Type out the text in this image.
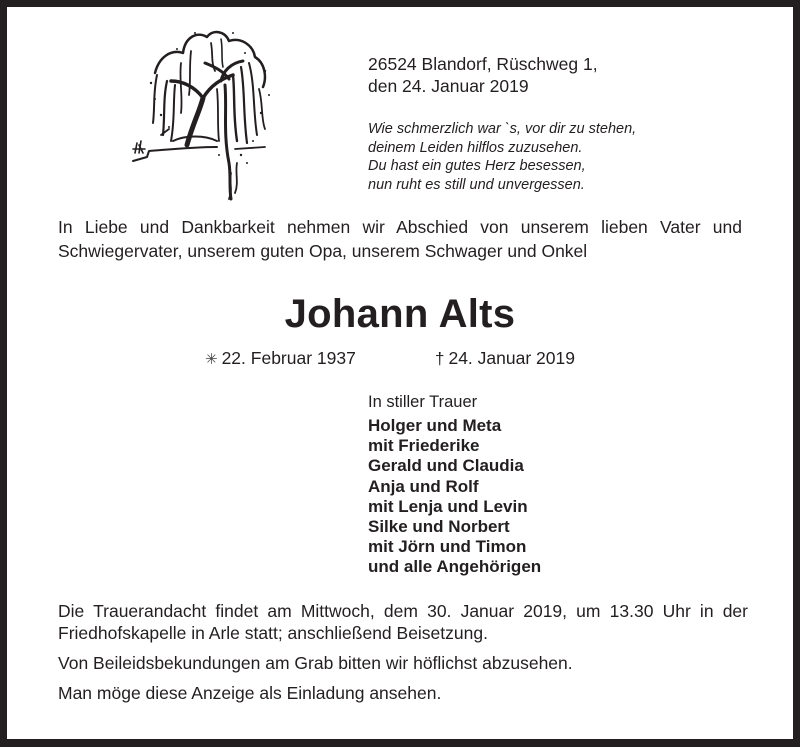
26524 Blandorf, Rüschweg 1,
den 24. Januar 2019
Wie schmerzlich war `s, vor dir zu stehen,
deinem Leiden hilflos zuzusehen.
Du hast ein gutes Herz besessen,
nun ruht es still und unvergessen.
In Liebe und Dankbarkeit nehmen wir Abschied von unserem lieben Vater und
Schwiegervater, unserem guten Opa, unserem Schwager und Onkel
Johann Alts
✳ 22. Februar 1937	† 24. Januar 2019
In stiller Trauer
Holger und Meta
mit Friederike
Gerald und Claudia
Anja und Rolf
mit Lenja und Levin
Silke und Norbert
mit Jörn und Timon
und alle Angehörigen

Die Trauerandacht findet am Mittwoch, dem 30. Januar 2019, um 13.30 Uhr in der
Friedhofskapelle in Arle statt; anschließend Beisetzung.

Von Beileidsbekundungen am Grab bitten wir höflichst abzusehen.

Man möge diese Anzeige als Einladung ansehen.
